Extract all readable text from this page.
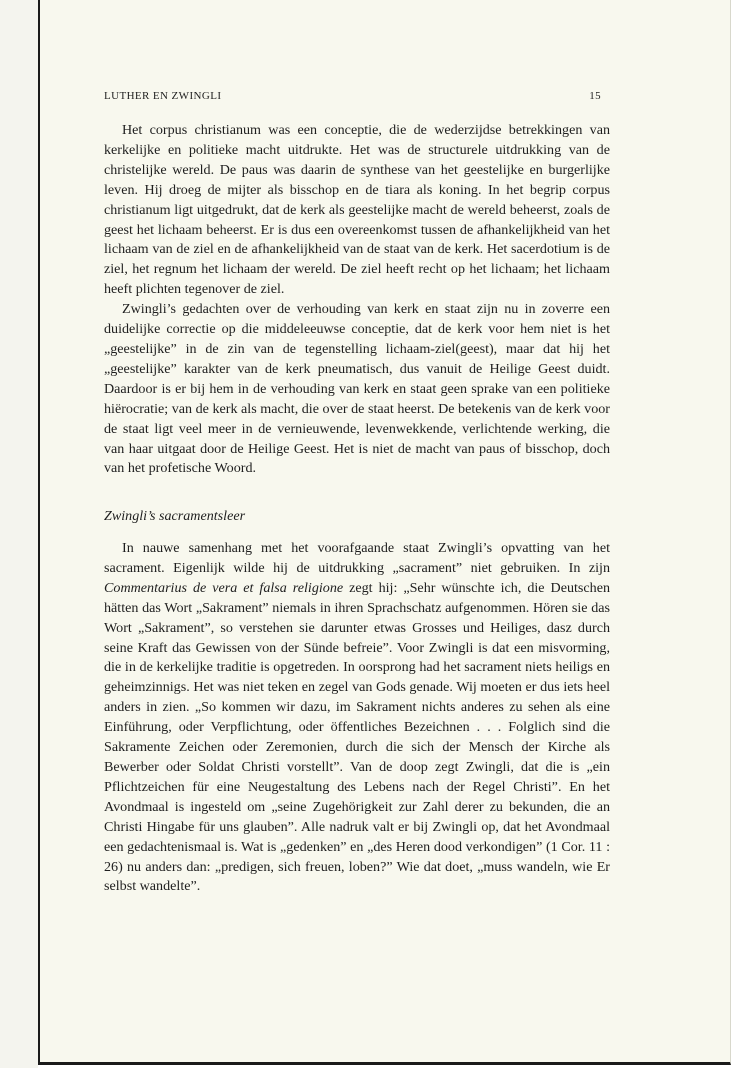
LUTHER EN ZWINGLI	15

Het corpus christianum was een conceptie, die de wederzijdse betrekkingen van kerkelijke en politieke macht uitdrukte. Het was de structurele uitdrukking van de christelijke wereld. De paus was daarin de synthese van het geestelijke en burgerlijke leven. Hij droeg de mijter als bisschop en de tiara als koning. In het begrip corpus christianum ligt uitgedrukt, dat de kerk als geestelijke macht de wereld beheerst, zoals de geest het lichaam beheerst. Er is dus een overeenkomst tussen de afhankelijkheid van het lichaam van de ziel en de afhankelijkheid van de staat van de kerk. Het sacerdotium is de ziel, het regnum het lichaam der wereld. De ziel heeft recht op het lichaam; het lichaam heeft plichten tegenover de ziel.

Zwingli’s gedachten over de verhouding van kerk en staat zijn nu in zoverre een duidelijke correctie op die middeleeuwse conceptie, dat de kerk voor hem niet is het „geestelijke” in de zin van de tegenstelling lichaam-ziel(geest), maar dat hij het „geestelijke” karakter van de kerk pneumatisch, dus vanuit de Heilige Geest duidt. Daardoor is er bij hem in de verhouding van kerk en staat geen sprake van een politieke hiërocratie; van de kerk als macht, die over de staat heerst. De betekenis van de kerk voor de staat ligt veel meer in de vernieuwende, levenwekkende, verlichtende werking, die van haar uitgaat door de Heilige Geest. Het is niet de macht van paus of bisschop, doch van het profetische Woord.

Zwingli’s sacramentsleer

In nauwe samenhang met het voorafgaande staat Zwingli’s opvatting van het sacrament. Eigenlijk wilde hij de uitdrukking „sacrament” niet gebruiken. In zijn Commentarius de vera et falsa religione zegt hij: „Sehr wünschte ich, die Deutschen hätten das Wort „Sakrament” niemals in ihren Sprachschatz aufgenommen. Hören sie das Wort „Sakrament”, so verstehen sie darunter etwas Grosses und Heiliges, dasz durch seine Kraft das Gewissen von der Sünde befreie”. Voor Zwingli is dat een misvorming, die in de kerkelijke traditie is opgetreden. In oorsprong had het sacrament niets heiligs en geheimzinnigs. Het was niet teken en zegel van Gods genade. Wij moeten er dus iets heel anders in zien. „So kommen wir dazu, im Sakrament nichts anderes zu sehen als eine Einführung, oder Verpflichtung, oder öffentliches Bezeichnen . . . Folglich sind die Sakramente Zeichen oder Zeremonien, durch die sich der Mensch der Kirche als Bewerber oder Soldat Christi vorstellt”. Van de doop zegt Zwingli, dat die is „ein Pflichtzeichen für eine Neugestaltung des Lebens nach der Regel Christi”. En het Avondmaal is ingesteld om „seine Zugehörigkeit zur Zahl derer zu bekunden, die an Christi Hingabe für uns glauben”. Alle nadruk valt er bij Zwingli op, dat het Avondmaal een gedachtenismaal is. Wat is „gedenken” en „des Heren dood verkondigen” (1 Cor. 11 : 26) nu anders dan: „predigen, sich freuen, loben?” Wie dat doet, „muss wandeln, wie Er selbst wandelte”.
